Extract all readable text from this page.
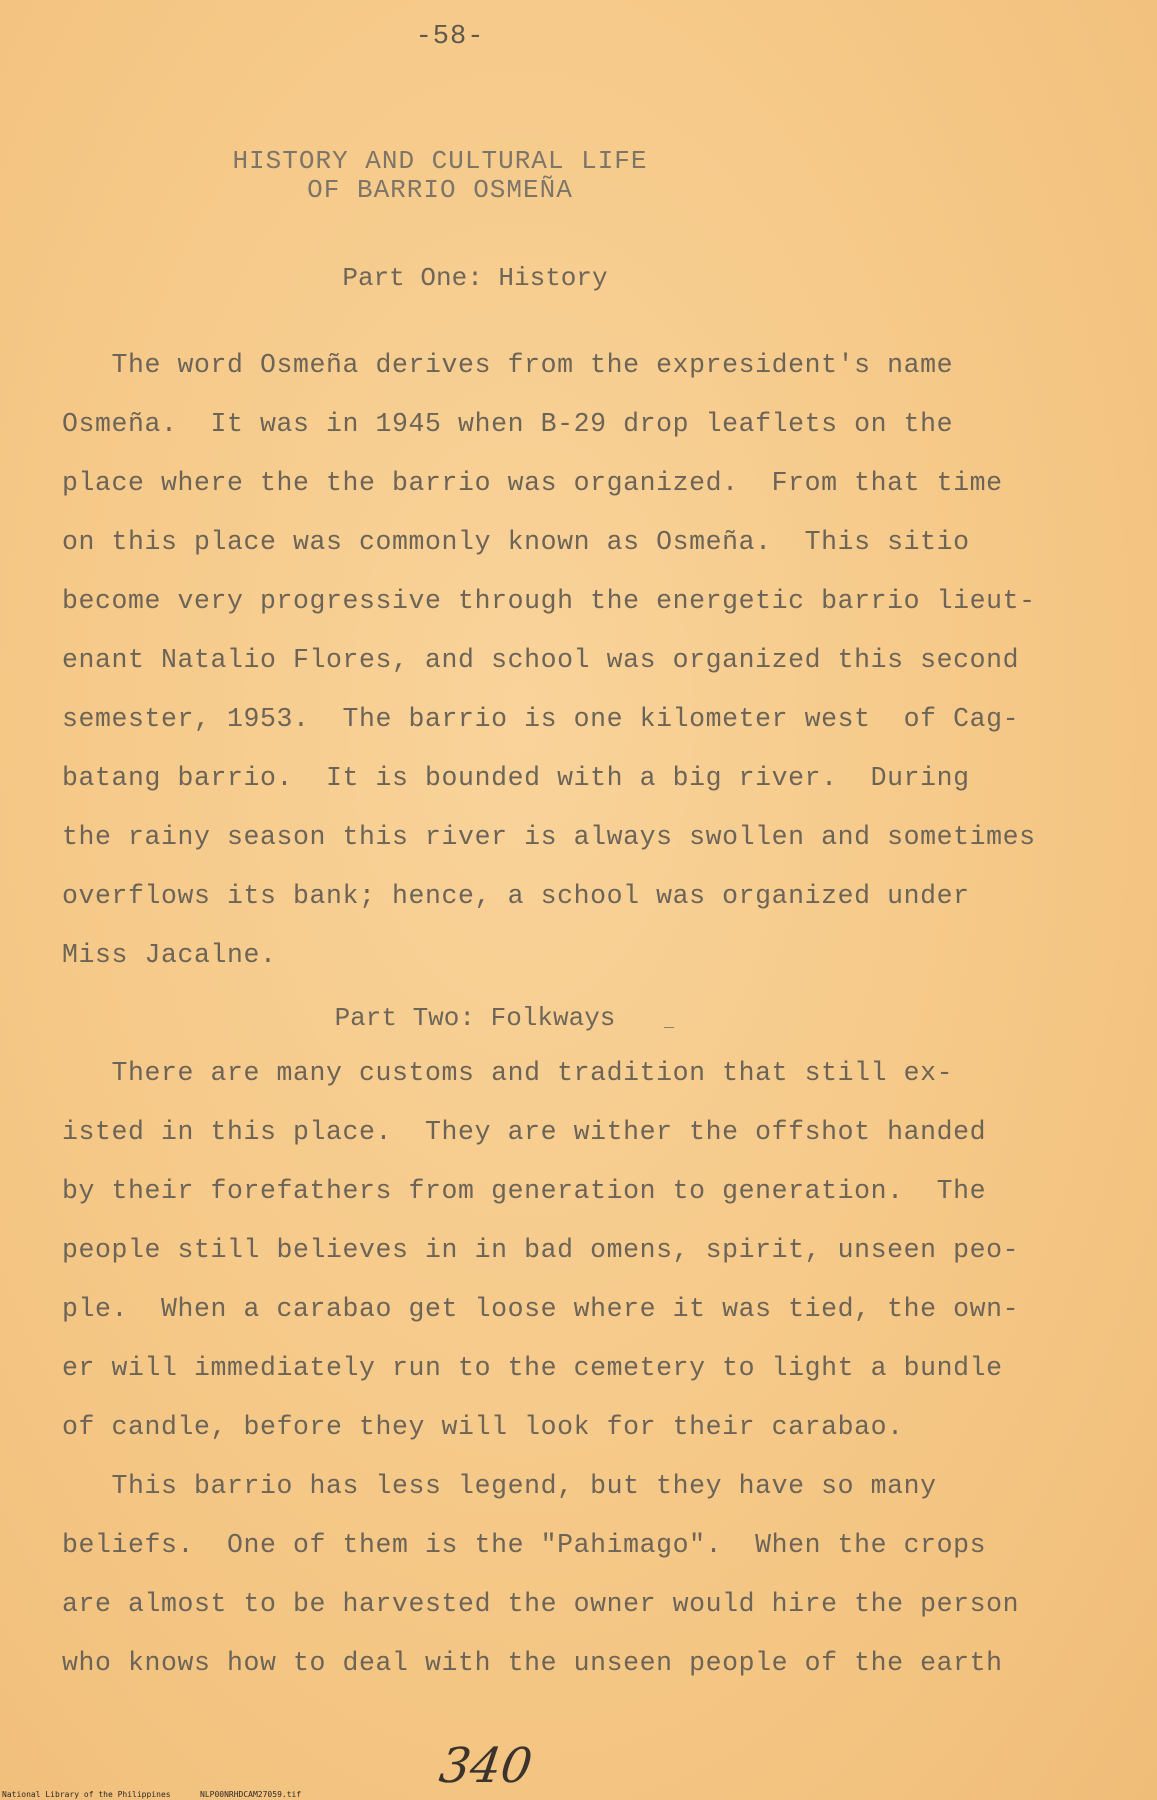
-58-
HISTORY AND CULTURAL LIFE
OF BARRIO OSMEÑA
Part One: History
The word Osmeña derives from the expresident's name
Osmeña.  It was in 1945 when B-29 drop leaflets on the
place where the the barrio was organized.  From that time
on this place was commonly known as Osmeña.  This sitio
become very progressive through the energetic barrio lieut-
enant Natalio Flores, and school was organized this second
semester, 1953.  The barrio is one kilometer west  of Cag-
batang barrio.  It is bounded with a big river.  During
the rainy season this river is always swollen and sometimes
overflows its bank; hence, a school was organized under
Miss Jacalne.
Part Two: Folkways
There are many customs and tradition that still ex-
isted in this place.  They are wither the offshot handed
by their forefathers from generation to generation.  The
people still believes in in bad omens, spirit, unseen peo-
ple.  When a carabao get loose where it was tied, the own-
er will immediately run to the cemetery to light a bundle
of candle, before they will look for their carabao.
This barrio has less legend, but they have so many
beliefs.  One of them is the "Pahimago".  When the crops
are almost to be harvested the owner would hire the person
who knows how to deal with the unseen people of the earth
340
National Library of the Philippines	NLP00NRHDCAM27059.tif
